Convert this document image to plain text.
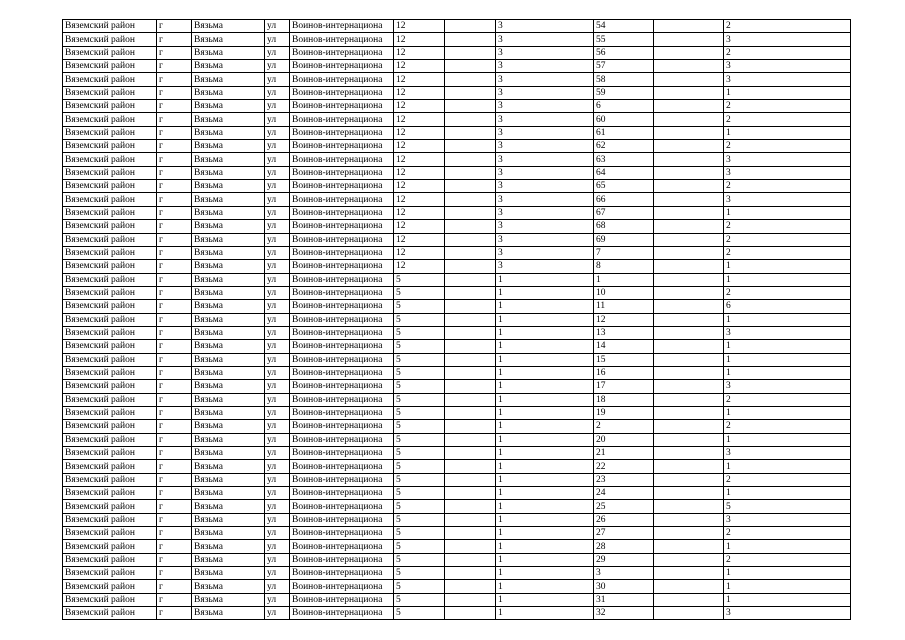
Вяземский район	г	Вязьма	ул	Воинов-интернациона	12		3	54		2
Вяземский район	г	Вязьма	ул	Воинов-интернациона	12		3	55		3
Вяземский район	г	Вязьма	ул	Воинов-интернациона	12		3	56		2
Вяземский район	г	Вязьма	ул	Воинов-интернациона	12		3	57		3
Вяземский район	г	Вязьма	ул	Воинов-интернациона	12		3	58		3
Вяземский район	г	Вязьма	ул	Воинов-интернациона	12		3	59		1
Вяземский район	г	Вязьма	ул	Воинов-интернациона	12		3	6		2
Вяземский район	г	Вязьма	ул	Воинов-интернациона	12		3	60		2
Вяземский район	г	Вязьма	ул	Воинов-интернациона	12		3	61		1
Вяземский район	г	Вязьма	ул	Воинов-интернациона	12		3	62		2
Вяземский район	г	Вязьма	ул	Воинов-интернациона	12		3	63		3
Вяземский район	г	Вязьма	ул	Воинов-интернациона	12		3	64		3
Вяземский район	г	Вязьма	ул	Воинов-интернациона	12		3	65		2
Вяземский район	г	Вязьма	ул	Воинов-интернациона	12		3	66		3
Вяземский район	г	Вязьма	ул	Воинов-интернациона	12		3	67		1
Вяземский район	г	Вязьма	ул	Воинов-интернациона	12		3	68		2
Вяземский район	г	Вязьма	ул	Воинов-интернациона	12		3	69		2
Вяземский район	г	Вязьма	ул	Воинов-интернациона	12		3	7		2
Вяземский район	г	Вязьма	ул	Воинов-интернациона	12		3	8		1
Вяземский район	г	Вязьма	ул	Воинов-интернациона	5		1	1		1
Вяземский район	г	Вязьма	ул	Воинов-интернациона	5		1	10		2
Вяземский район	г	Вязьма	ул	Воинов-интернациона	5		1	11		6
Вяземский район	г	Вязьма	ул	Воинов-интернациона	5		1	12		1
Вяземский район	г	Вязьма	ул	Воинов-интернациона	5		1	13		3
Вяземский район	г	Вязьма	ул	Воинов-интернациона	5		1	14		1
Вяземский район	г	Вязьма	ул	Воинов-интернациона	5		1	15		1
Вяземский район	г	Вязьма	ул	Воинов-интернациона	5		1	16		1
Вяземский район	г	Вязьма	ул	Воинов-интернациона	5		1	17		3
Вяземский район	г	Вязьма	ул	Воинов-интернациона	5		1	18		2
Вяземский район	г	Вязьма	ул	Воинов-интернациона	5		1	19		1
Вяземский район	г	Вязьма	ул	Воинов-интернациона	5		1	2		2
Вяземский район	г	Вязьма	ул	Воинов-интернациона	5		1	20		1
Вяземский район	г	Вязьма	ул	Воинов-интернациона	5		1	21		3
Вяземский район	г	Вязьма	ул	Воинов-интернациона	5		1	22		1
Вяземский район	г	Вязьма	ул	Воинов-интернациона	5		1	23		2
Вяземский район	г	Вязьма	ул	Воинов-интернациона	5		1	24		1
Вяземский район	г	Вязьма	ул	Воинов-интернациона	5		1	25		5
Вяземский район	г	Вязьма	ул	Воинов-интернациона	5		1	26		3
Вяземский район	г	Вязьма	ул	Воинов-интернациона	5		1	27		2
Вяземский район	г	Вязьма	ул	Воинов-интернациона	5		1	28		1
Вяземский район	г	Вязьма	ул	Воинов-интернациона	5		1	29		2
Вяземский район	г	Вязьма	ул	Воинов-интернациона	5		1	3		1
Вяземский район	г	Вязьма	ул	Воинов-интернациона	5		1	30		1
Вяземский район	г	Вязьма	ул	Воинов-интернациона	5		1	31		1
Вяземский район	г	Вязьма	ул	Воинов-интернациона	5		1	32		3
